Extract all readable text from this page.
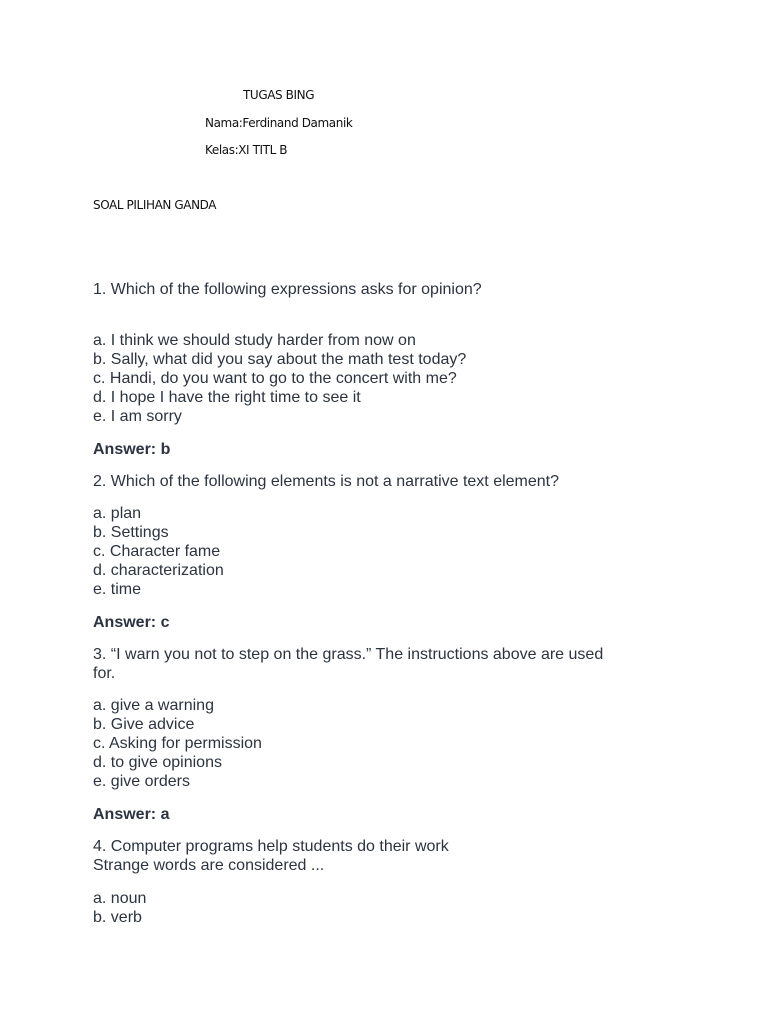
TUGAS BING
Nama:Ferdinand Damanik
Kelas:XI TITL B
SOAL PILIHAN GANDA

1. Which of the following expressions asks for opinion?

a. I think we should study harder from now on
b. Sally, what did you say about the math test today?
c. Handi, do you want to go to the concert with me?
d. I hope I have the right time to see it
e. I am sorry

Answer: b

2. Which of the following elements is not a narrative text element?

a. plan
b. Settings
c. Character fame
d. characterization
e. time

Answer: c

3. “I warn you not to step on the grass.” The instructions above are used
for.

a. give a warning
b. Give advice
c. Asking for permission
d. to give opinions
e. give orders

Answer: a

4. Computer programs help students do their work
Strange words are considered ...

a. noun
b. verb
